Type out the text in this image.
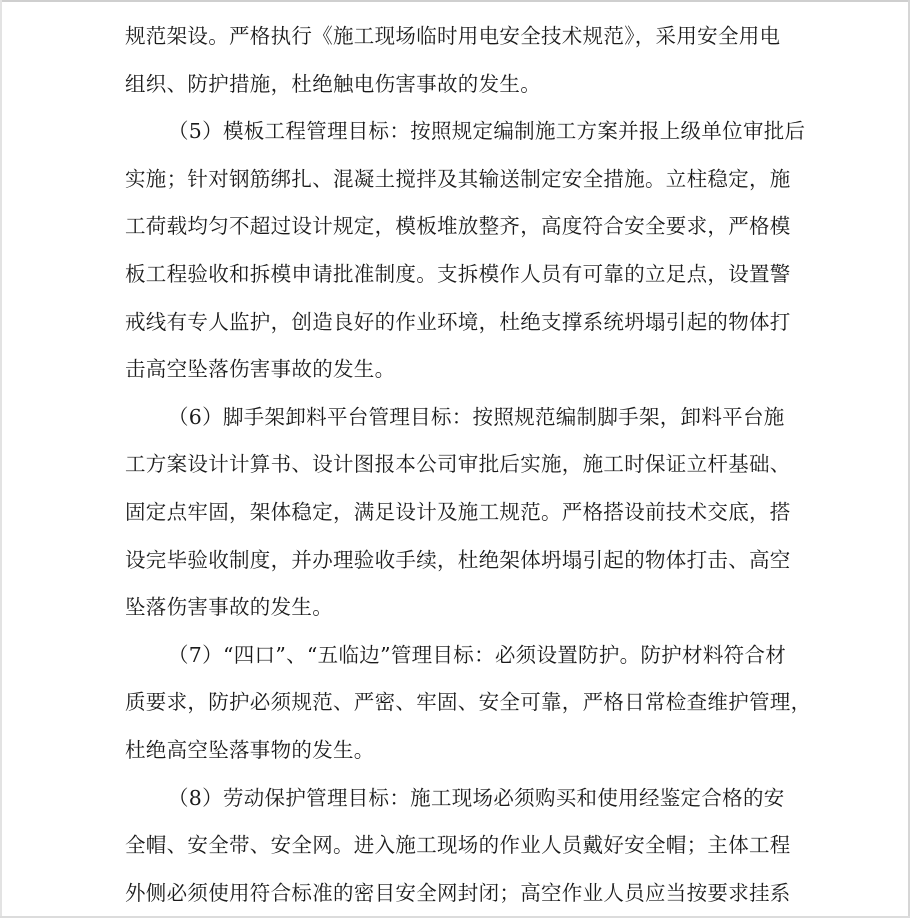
规范架设。严格执行《施工现场临时用电安全技术规范》，采用安全用电
组织、防护措施，杜绝触电伤害事故的发生。
（5）模板工程管理目标：按照规定编制施工方案并报上级单位审批后
实施；针对钢筋绑扎、混凝土搅拌及其输送制定安全措施。立柱稳定，施
工荷载均匀不超过设计规定，模板堆放整齐，高度符合安全要求，严格模
板工程验收和拆模申请批准制度。支拆模作人员有可靠的立足点，设置警
戒线有专人监护，创造良好的作业环境，杜绝支撑系统坍塌引起的物体打
击高空坠落伤害事故的发生。
（6）脚手架卸料平台管理目标：按照规范编制脚手架，卸料平台施
工方案设计计算书、设计图报本公司审批后实施，施工时保证立杆基础、
固定点牢固，架体稳定，满足设计及施工规范。严格搭设前技术交底，搭
设完毕验收制度，并办理验收手续，杜绝架体坍塌引起的物体打击、高空
坠落伤害事故的发生。
（7）“四口”、“五临边”管理目标：必须设置防护。防护材料符合材
质要求，防护必须规范、严密、牢固、安全可靠，严格日常检查维护管理，
杜绝高空坠落事物的发生。
（8）劳动保护管理目标：施工现场必须购买和使用经鉴定合格的安
全帽、安全带、安全网。进入施工现场的作业人员戴好安全帽；主体工程
外侧必须使用符合标准的密目安全网封闭；高空作业人员应当按要求挂系
